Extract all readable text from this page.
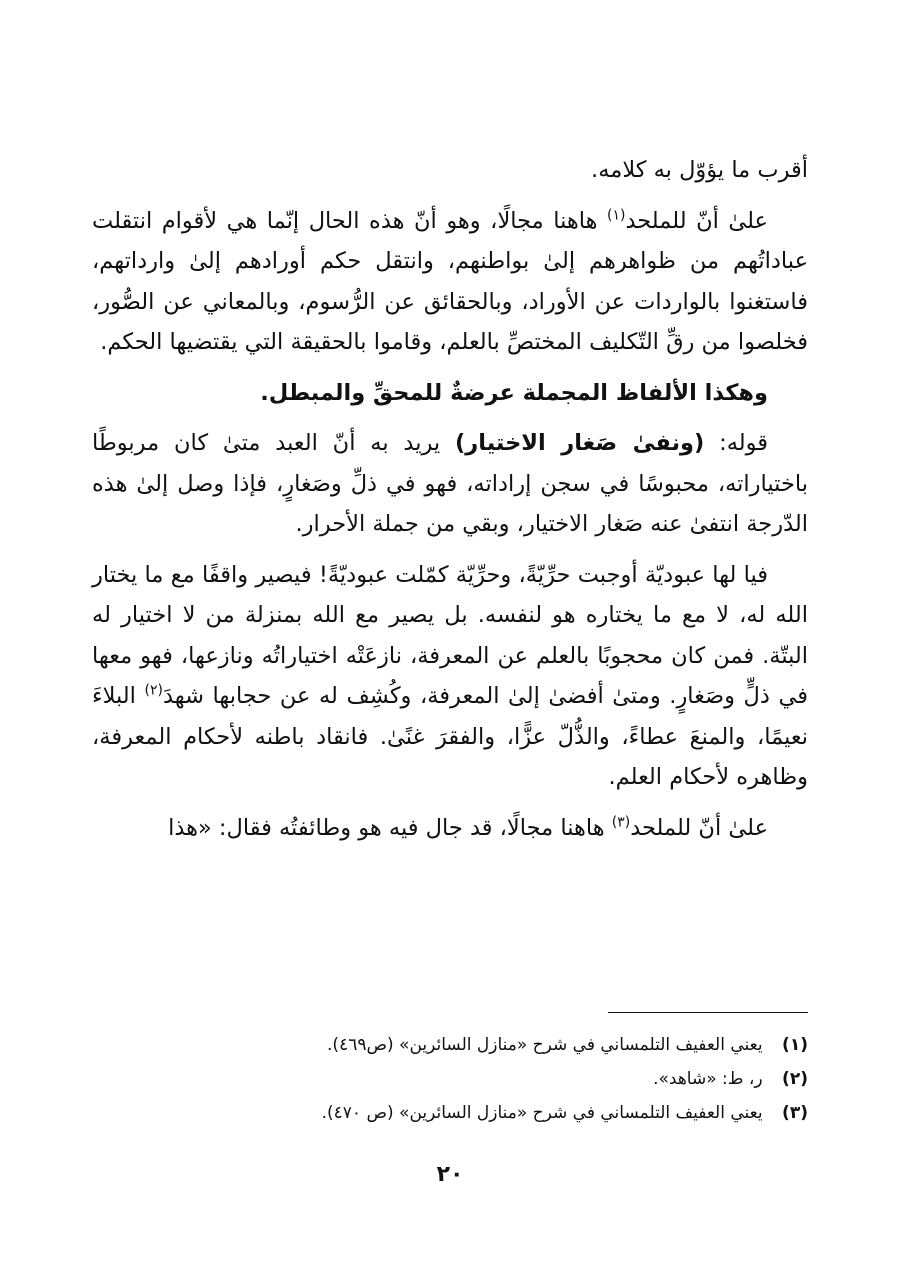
أقرب ما يؤوّل به كلامه.

علىٰ أنّ للملحد$^{(١)}$ هاهنا مجالًا، وهو أنّ هذه الحال إنّما هي لأقوام انتقلت عباداتُهم من ظواهرهم إلىٰ بواطنهم، وانتقل حكم أورادهم إلىٰ وارداتهم، فاستغنوا بالواردات عن الأوراد، وبالحقائق عن الرُّسوم، وبالمعاني عن الصُّور، فخلصوا من رقِّ التّكليف المختصِّ بالعلم، وقاموا بالحقيقة التي يقتضيها الحكم.

وهكذا الألفاظ المجملة عرضةٌ للمحقِّ والمبطل.

قوله: (ونفىٰ صَغار الاختيار) يريد به أنّ العبد متىٰ كان مربوطًا باختياراته، محبوسًا في سجن إراداته، فهو في ذلِّ وصَغارٍ، فإذا وصل إلىٰ هذه الدّرجة انتفىٰ عنه صَغار الاختيار، وبقي من جملة الأحرار.

فيا لها عبوديّة أوجبت حرِّيّةً، وحرِّيّة كمّلت عبوديّةً! فيصير واقفًا مع ما يختار الله له، لا مع ما يختاره هو لنفسه. بل يصير مع الله بمنزلة من لا اختيار له البتّة. فمن كان محجوبًا بالعلم عن المعرفة، نازعَتْه اختياراتُه ونازعها، فهو معها في ذلٍّ وصَغارٍ. ومتىٰ أفضىٰ إلىٰ المعرفة، وكُشِف له عن حجابها شهدَ$^{(٢)}$ البلاءَ نعيمًا، والمنعَ عطاءً، والذُّلّ عزًّا، والفقرَ غنًىٰ. فانقاد باطنه لأحكام المعرفة، وظاهره لأحكام العلم.

علىٰ أنّ للملحد$^{(٣)}$ هاهنا مجالًا، قد جال فيه هو وطائفتُه فقال: «هذا

(١) يعني العفيف التلمساني في شرح «منازل السائرين» (ص٤٦٩).

(٢) ر، ط: «شاهد».

(٣) يعني العفيف التلمساني في شرح «منازل السائرين» (ص ٤٧٠).

٢٠
